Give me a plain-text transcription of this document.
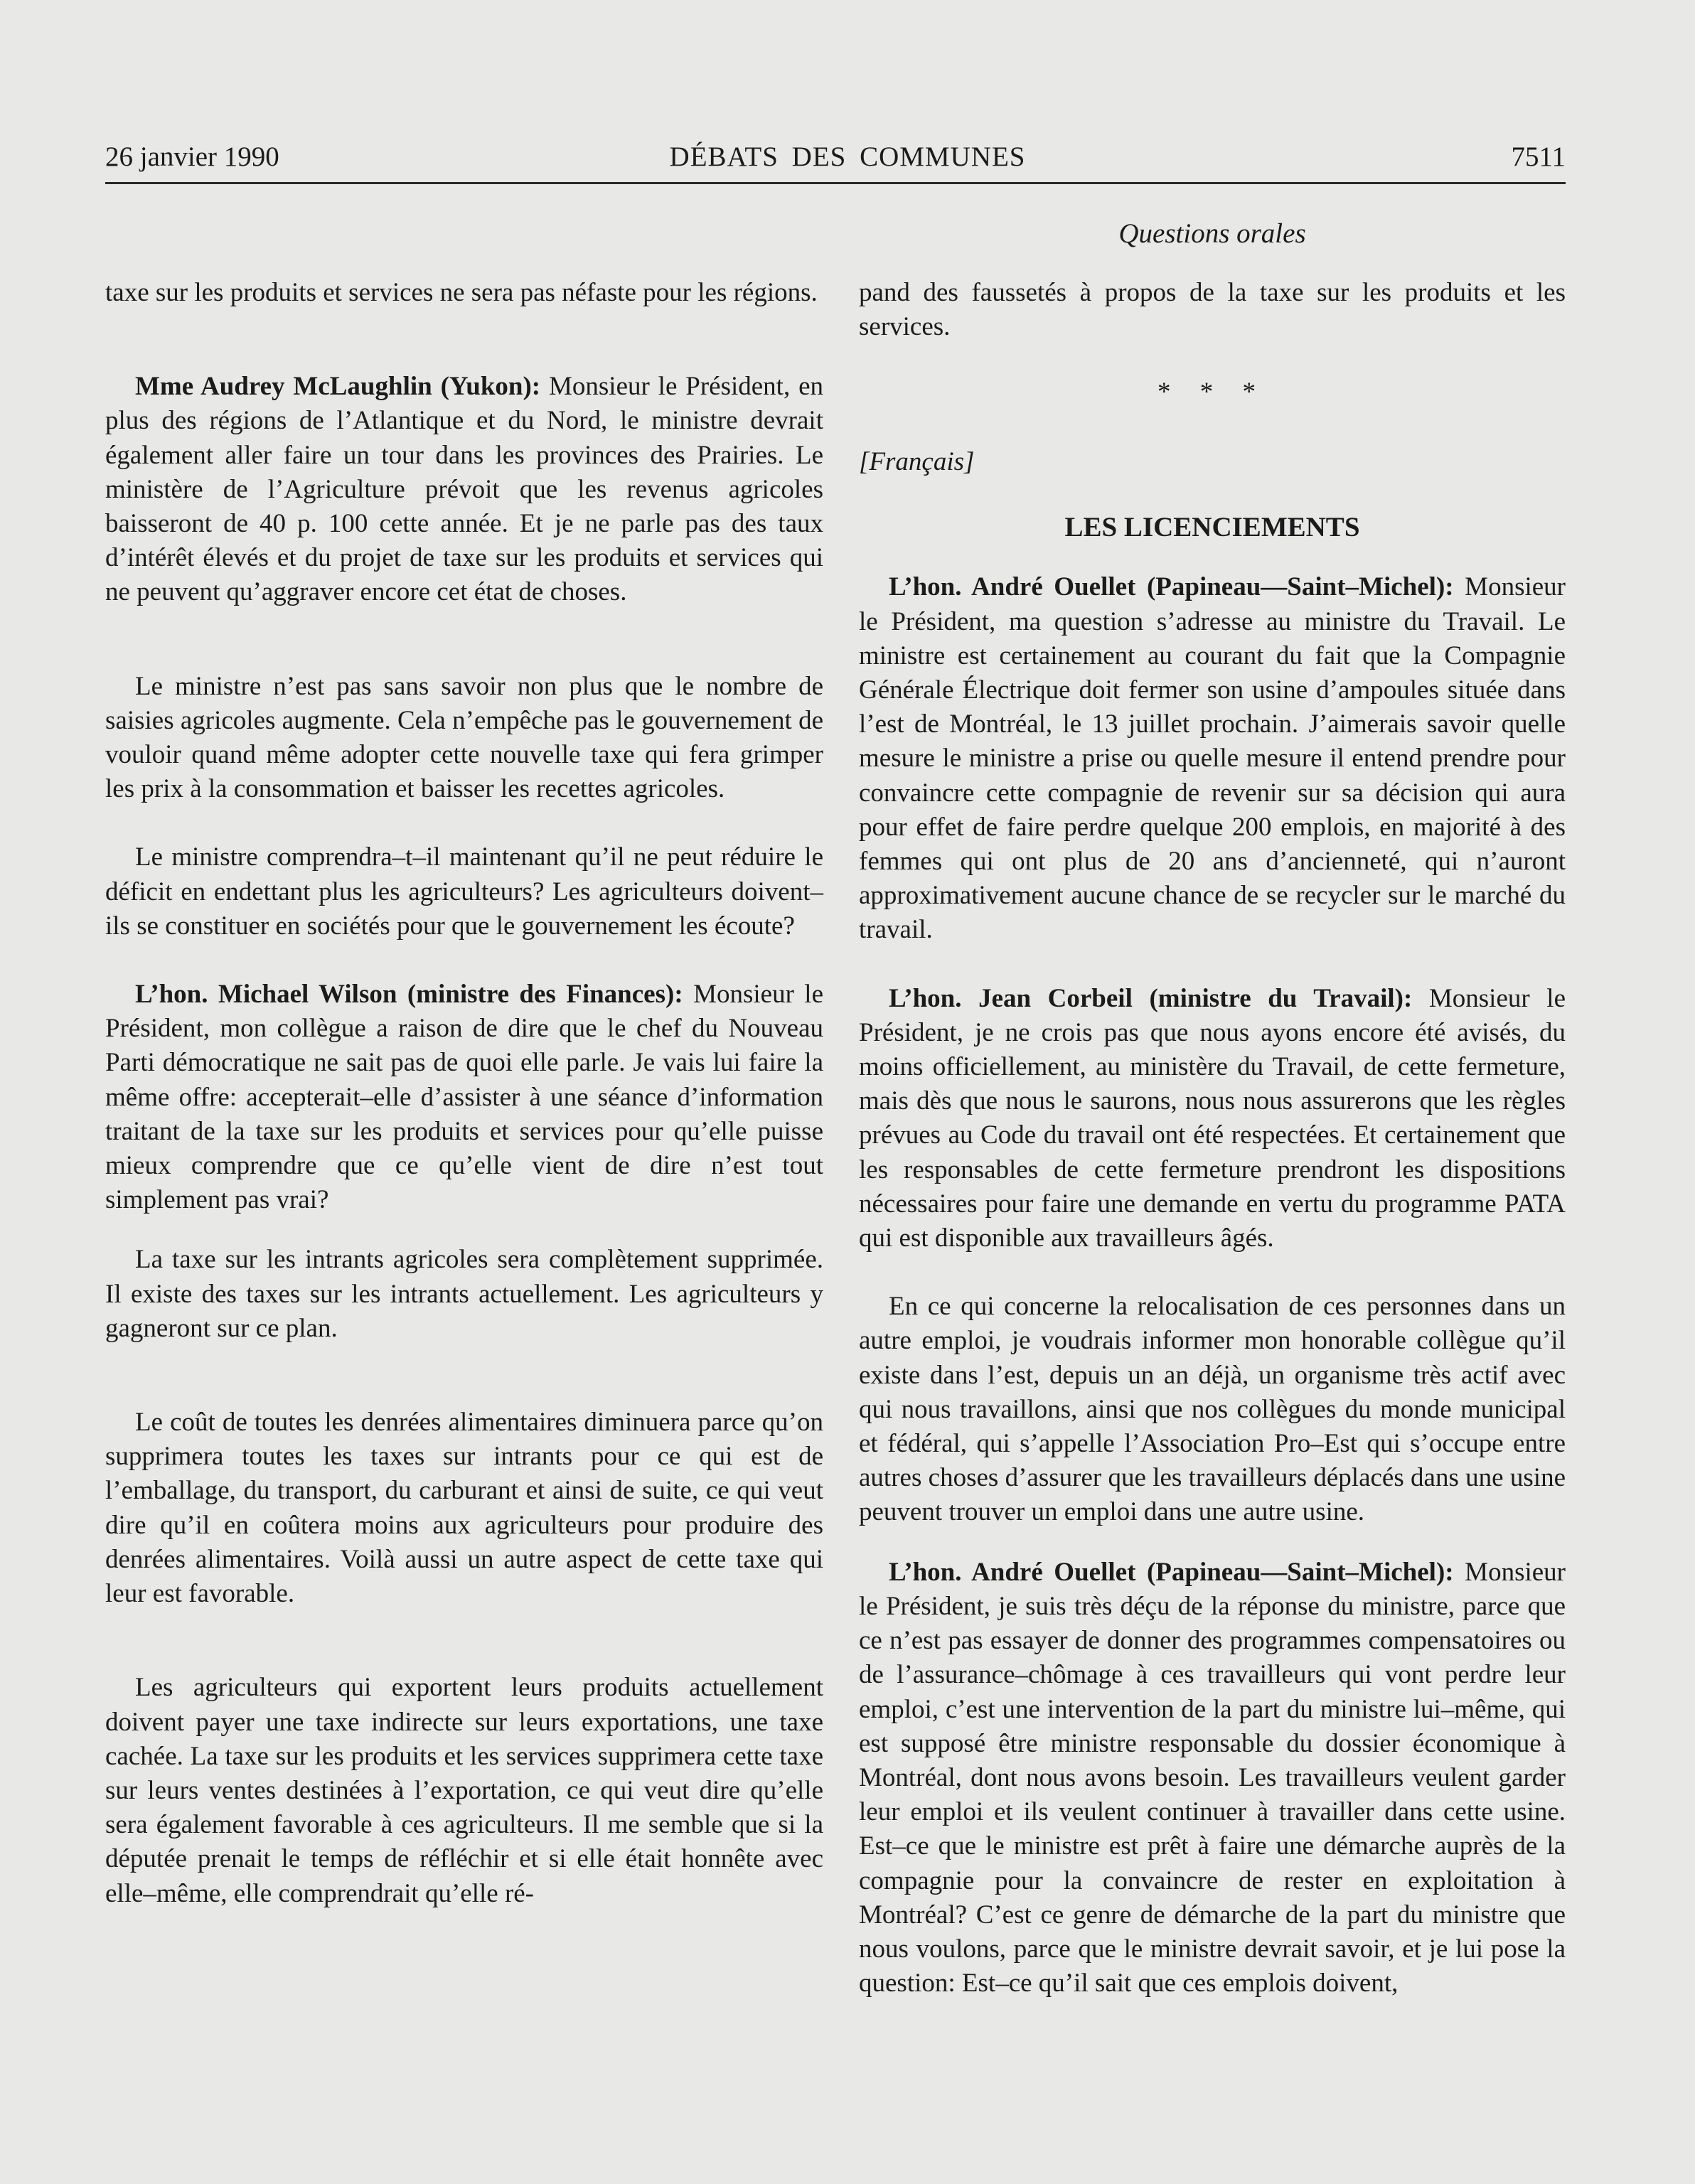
26 janvier 1990	DÉBATS DES COMMUNES	7511
Questions orales

taxe sur les produits et services ne sera pas néfaste pour les régions.

Mme Audrey McLaughlin (Yukon): Monsieur le Président, en plus des régions de l’Atlantique et du Nord, le ministre devrait également aller faire un tour dans les provinces des Prairies. Le ministère de l’Agriculture prévoit que les revenus agricoles baisseront de 40 p. 100 cette année. Et je ne parle pas des taux d’intérêt élevés et du projet de taxe sur les produits et services qui ne peuvent qu’aggraver encore cet état de choses.

Le ministre n’est pas sans savoir non plus que le nombre de saisies agricoles augmente. Cela n’empêche pas le gouvernement de vouloir quand même adopter cette nouvelle taxe qui fera grimper les prix à la consommation et baisser les recettes agricoles.

Le ministre comprendra–t–il maintenant qu’il ne peut réduire le déficit en endettant plus les agriculteurs? Les agriculteurs doivent–ils se constituer en sociétés pour que le gouvernement les écoute?

L’hon. Michael Wilson (ministre des Finances): Monsieur le Président, mon collègue a raison de dire que le chef du Nouveau Parti démocratique ne sait pas de quoi elle parle. Je vais lui faire la même offre: accepterait–elle d’assister à une séance d’information traitant de la taxe sur les produits et services pour qu’elle puisse mieux comprendre que ce qu’elle vient de dire n’est tout simplement pas vrai?

La taxe sur les intrants agricoles sera complètement supprimée. Il existe des taxes sur les intrants actuellement. Les agriculteurs y gagneront sur ce plan.

Le coût de toutes les denrées alimentaires diminuera parce qu’on supprimera toutes les taxes sur intrants pour ce qui est de l’emballage, du transport, du carburant et ainsi de suite, ce qui veut dire qu’il en coûtera moins aux agriculteurs pour produire des denrées alimentaires. Voilà aussi un autre aspect de cette taxe qui leur est favorable.

Les agriculteurs qui exportent leurs produits actuellement doivent payer une taxe indirecte sur leurs exportations, une taxe cachée. La taxe sur les produits et les services supprimera cette taxe sur leurs ventes destinées à l’exportation, ce qui veut dire qu’elle sera également favorable à ces agriculteurs. Il me semble que si la députée prenait le temps de réfléchir et si elle était honnête avec elle–même, elle comprendrait qu’elle ré-

pand des faussetés à propos de la taxe sur les produits et les services.

* * *
[Français]
LES LICENCIEMENTS

L’hon. André Ouellet (Papineau—Saint–Michel): Monsieur le Président, ma question s’adresse au ministre du Travail. Le ministre est certainement au courant du fait que la Compagnie Générale Électrique doit fermer son usine d’ampoules située dans l’est de Montréal, le 13 juillet prochain. J’aimerais savoir quelle mesure le ministre a prise ou quelle mesure il entend prendre pour convaincre cette compagnie de revenir sur sa décision qui aura pour effet de faire perdre quelque 200 emplois, en majorité à des femmes qui ont plus de 20 ans d’ancienneté, qui n’auront approximativement aucune chance de se recycler sur le marché du travail.

L’hon. Jean Corbeil (ministre du Travail): Monsieur le Président, je ne crois pas que nous ayons encore été avisés, du moins officiellement, au ministère du Travail, de cette fermeture, mais dès que nous le saurons, nous nous assurerons que les règles prévues au Code du travail ont été respectées. Et certainement que les responsables de cette fermeture prendront les dispositions nécessaires pour faire une demande en vertu du programme PATA qui est disponible aux travailleurs âgés.

En ce qui concerne la relocalisation de ces personnes dans un autre emploi, je voudrais informer mon honorable collègue qu’il existe dans l’est, depuis un an déjà, un organisme très actif avec qui nous travaillons, ainsi que nos collègues du monde municipal et fédéral, qui s’appelle l’Association Pro–Est qui s’occupe entre autres choses d’assurer que les travailleurs déplacés dans une usine peuvent trouver un emploi dans une autre usine.

L’hon. André Ouellet (Papineau—Saint–Michel): Monsieur le Président, je suis très déçu de la réponse du ministre, parce que ce n’est pas essayer de donner des programmes compensatoires ou de l’assurance–chômage à ces travailleurs qui vont perdre leur emploi, c’est une intervention de la part du ministre lui–même, qui est supposé être ministre responsable du dossier économique à Montréal, dont nous avons besoin. Les travailleurs veulent garder leur emploi et ils veulent continuer à travailler dans cette usine. Est–ce que le ministre est prêt à faire une démarche auprès de la compagnie pour la convaincre de rester en exploitation à Montréal? C’est ce genre de démarche de la part du ministre que nous voulons, parce que le ministre devrait savoir, et je lui pose la question: Est–ce qu’il sait que ces emplois doivent,
